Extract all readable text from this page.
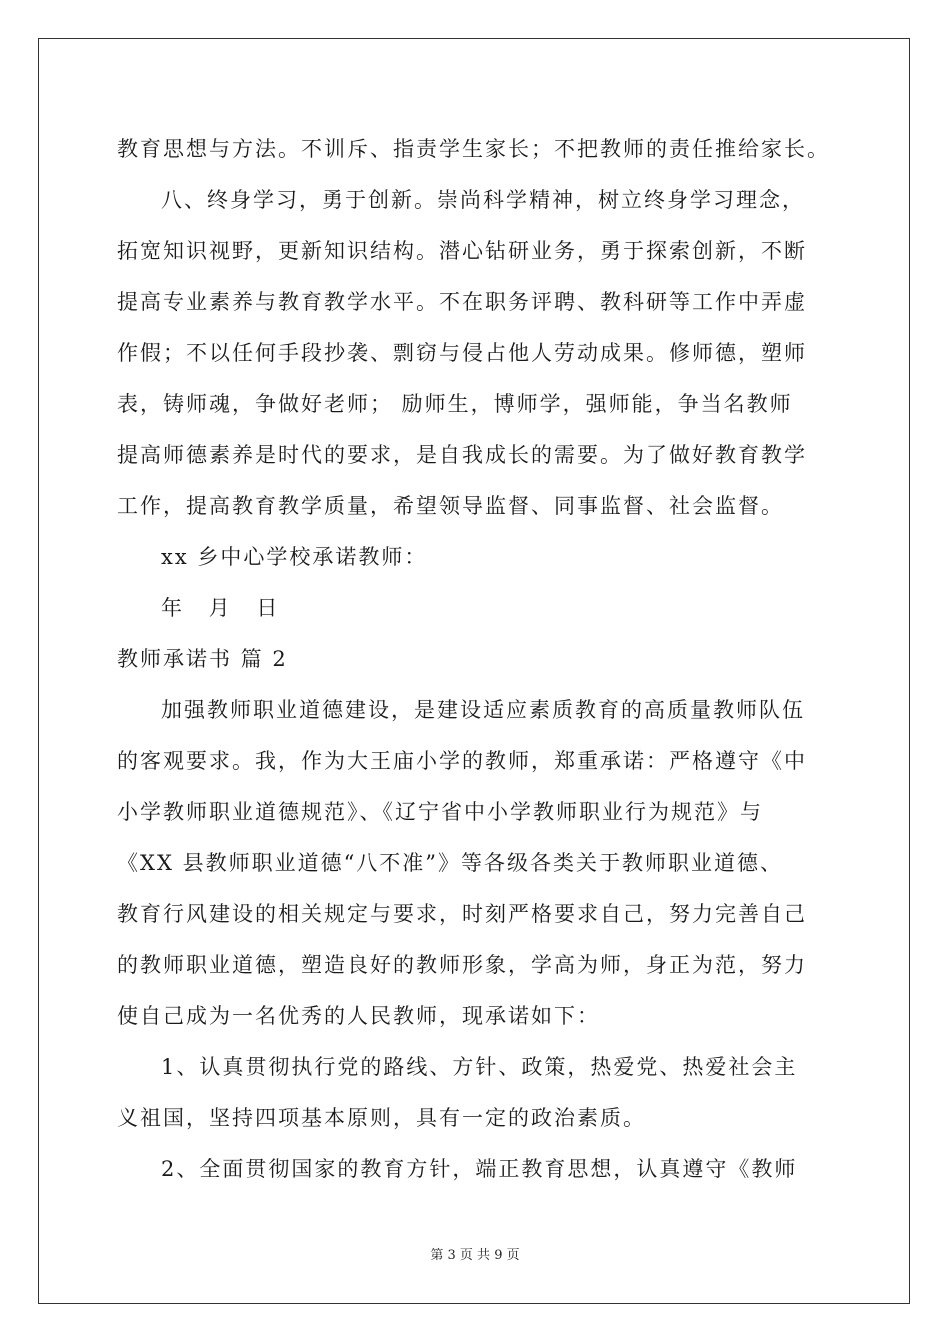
教育思想与方法。不训斥、指责学生家长；不把教师的责任推给家长。
八、终身学习，勇于创新。崇尚科学精神，树立终身学习理念，
拓宽知识视野，更新知识结构。潜心钻研业务，勇于探索创新，不断
提高专业素养与教育教学水平。不在职务评聘、教科研等工作中弄虚
作假；不以任何手段抄袭、剽窃与侵占他人劳动成果。修师德，塑师
表，铸师魂，争做好老师； 励师生，博师学，强师能，争当名教师
提高师德素养是时代的要求，是自我成长的需要。为了做好教育教学
工作，提高教育教学质量，希望领导监督、同事监督、社会监督。
xx 乡中心学校承诺教师：
年 月 日
教师承诺书 篇 2
加强教师职业道德建设，是建设适应素质教育的高质量教师队伍
的客观要求。我，作为大王庙小学的教师，郑重承诺：严格遵守《中
小学教师职业道德规范》、《辽宁省中小学教师职业行为规范》与
《XX 县教师职业道德“八不准”》等各级各类关于教师职业道德、
教育行风建设的相关规定与要求，时刻严格要求自己，努力完善自己
的教师职业道德，塑造良好的教师形象，学高为师，身正为范，努力
使自己成为一名优秀的人民教师，现承诺如下：
1、认真贯彻执行党的路线、方针、政策，热爱党、热爱社会主
义祖国，坚持四项基本原则，具有一定的政治素质。
2、全面贯彻国家的教育方针，端正教育思想，认真遵守《教师
第 3 页 共 9 页
